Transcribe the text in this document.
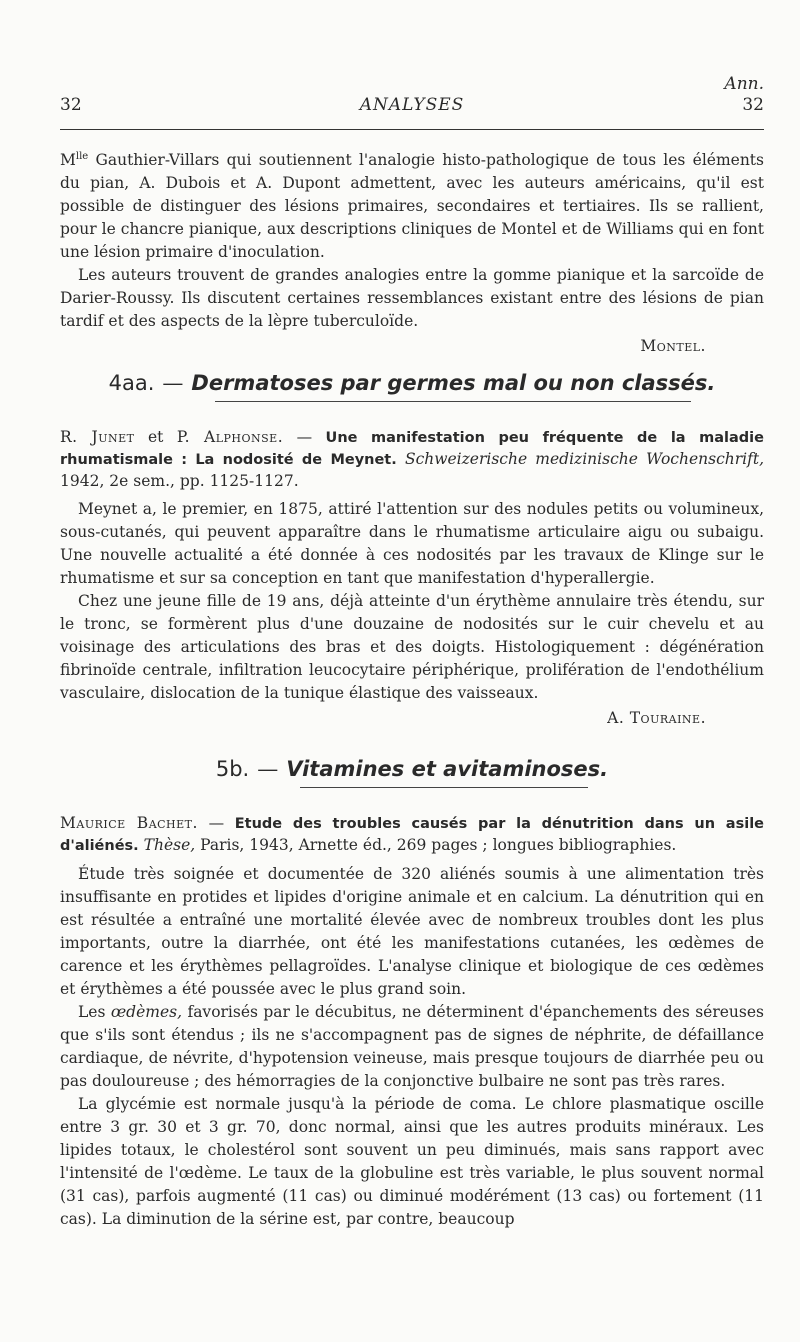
Ann.
32	ANALYSES	32

$M^{lle}$ Gauthier-Villars qui soutiennent l'analogie histo-pathologique de tous les éléments du pian, A. Dubois et A. Dupont admettent, avec les auteurs américains, qu'il est possible de distinguer des lésions primaires, secondaires et tertiaires. Ils se rallient, pour le chancre pianique, aux descriptions cliniques de Montel et de Williams qui en font une lésion primaire d'inoculation.

Les auteurs trouvent de grandes analogies entre la gomme pianique et la sarcoïde de Darier-Roussy. Ils discutent certaines ressemblances existant entre des lésions de pian tardif et des aspects de la lèpre tuberculoïde.

Montel.

4aa. — Dermatoses par germes mal ou non classés.

R. Junet et P. Alphonse. — Une manifestation peu fréquente de la maladie rhumatismale : La nodosité de Meynet. Schweizerische medizinische Wochenschrift, 1942, 2e sem., pp. 1125-1127.

Meynet a, le premier, en 1875, attiré l'attention sur des nodules petits ou volumineux, sous-cutanés, qui peuvent apparaître dans le rhumatisme articulaire aigu ou subaigu. Une nouvelle actualité a été donnée à ces nodosités par les travaux de Klinge sur le rhumatisme et sur sa conception en tant que manifestation d'hyperallergie.

Chez une jeune fille de 19 ans, déjà atteinte d'un érythème annulaire très étendu, sur le tronc, se formèrent plus d'une douzaine de nodosités sur le cuir chevelu et au voisinage des articulations des bras et des doigts. Histologiquement : dégénération fibrinoïde centrale, infiltration leucocytaire périphérique, prolifération de l'endothélium vasculaire, dislocation de la tunique élastique des vaisseaux.

A. Touraine.

5b. — Vitamines et avitaminoses.

Maurice Bachet. — Etude des troubles causés par la dénutrition dans un asile d'aliénés. Thèse, Paris, 1943, Arnette éd., 269 pages ; longues bibliographies.

Étude très soignée et documentée de 320 aliénés soumis à une alimentation très insuffisante en protides et lipides d'origine animale et en calcium. La dénutrition qui en est résultée a entraîné une mortalité élevée avec de nombreux troubles dont les plus importants, outre la diarrhée, ont été les manifestations cutanées, les œdèmes de carence et les érythèmes pellagroïdes. L'analyse clinique et biologique de ces œdèmes et érythèmes a été poussée avec le plus grand soin.

Les œdèmes, favorisés par le décubitus, ne déterminent d'épanchements des séreuses que s'ils sont étendus ; ils ne s'accompagnent pas de signes de néphrite, de défaillance cardiaque, de névrite, d'hypotension veineuse, mais presque toujours de diarrhée peu ou pas douloureuse ; des hémorragies de la conjonctive bulbaire ne sont pas très rares.

La glycémie est normale jusqu'à la période de coma. Le chlore plasmatique oscille entre 3 gr. 30 et 3 gr. 70, donc normal, ainsi que les autres produits minéraux. Les lipides totaux, le cholestérol sont souvent un peu diminués, mais sans rapport avec l'intensité de l'œdème. Le taux de la globuline est très variable, le plus souvent normal (31 cas), parfois augmenté (11 cas) ou diminué modérément (13 cas) ou fortement (11 cas). La diminution de la sérine est, par contre, beaucoup
